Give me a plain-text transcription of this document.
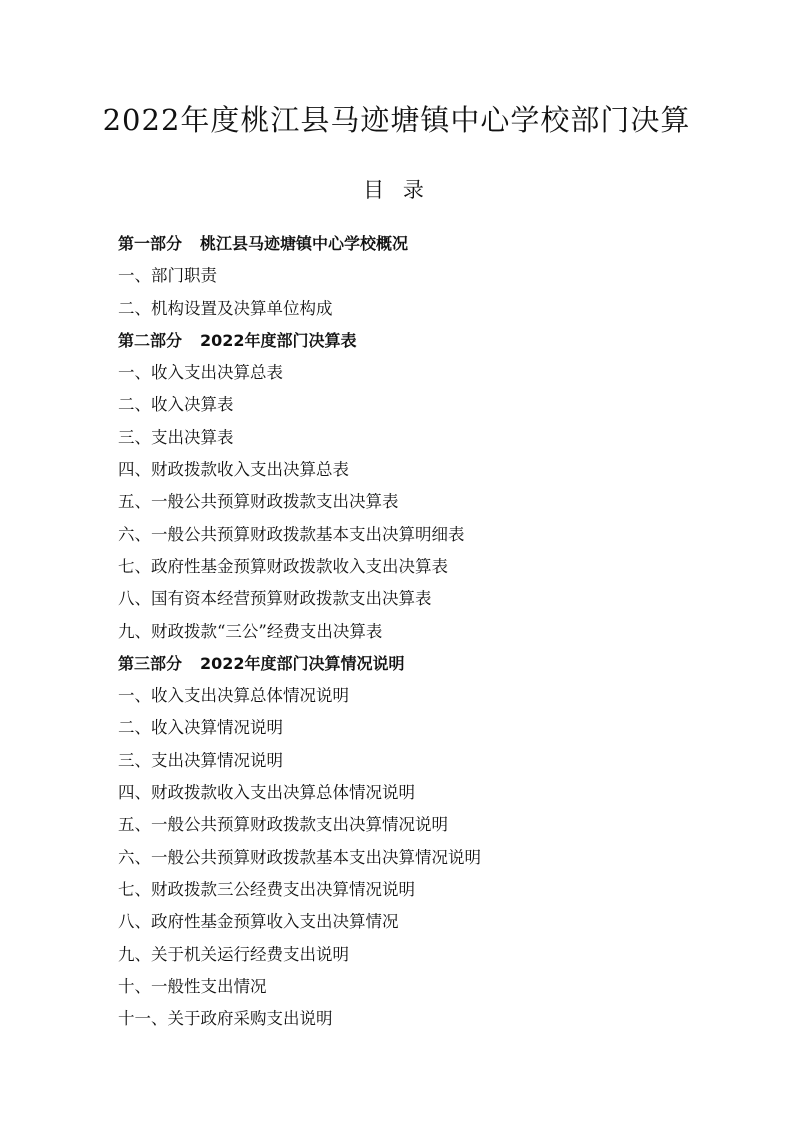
2022年度桃江县马迹塘镇中心学校部门决算
目 录
第一部分 桃江县马迹塘镇中心学校概况
一、部门职责
二、机构设置及决算单位构成
第二部分 2022年度部门决算表
一、收入支出决算总表
二、收入决算表
三、支出决算表
四、财政拨款收入支出决算总表
五、一般公共预算财政拨款支出决算表
六、一般公共预算财政拨款基本支出决算明细表
七、政府性基金预算财政拨款收入支出决算表
八、国有资本经营预算财政拨款支出决算表
九、财政拨款“三公”经费支出决算表
第三部分 2022年度部门决算情况说明
一、收入支出决算总体情况说明
二、收入决算情况说明
三、支出决算情况说明
四、财政拨款收入支出决算总体情况说明
五、一般公共预算财政拨款支出决算情况说明
六、一般公共预算财政拨款基本支出决算情况说明
七、财政拨款三公经费支出决算情况说明
八、政府性基金预算收入支出决算情况
九、关于机关运行经费支出说明
十、一般性支出情况
十一、关于政府采购支出说明
